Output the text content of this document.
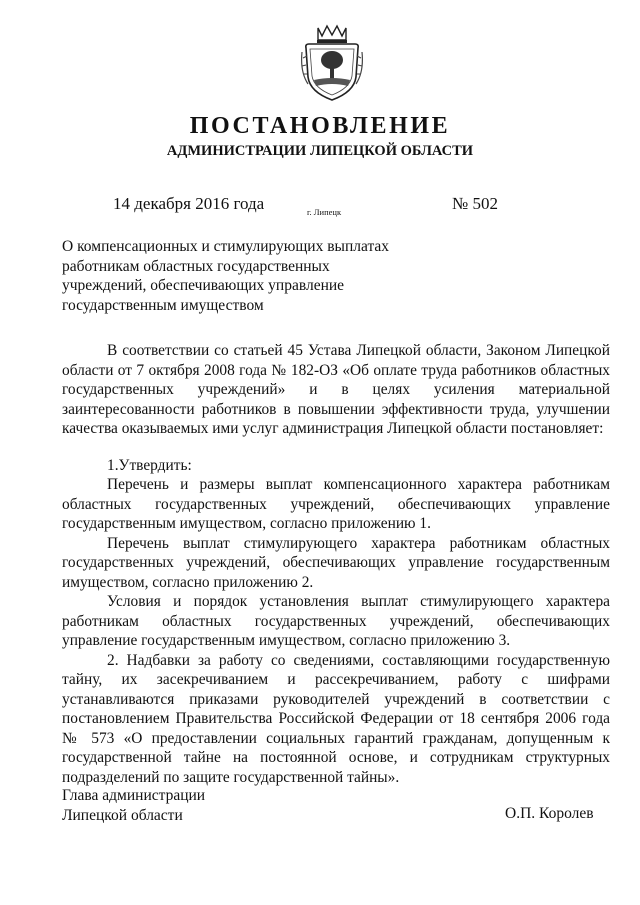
ПОСТАНОВЛЕНИЕ
АДМИНИСТРАЦИИ ЛИПЕЦКОЙ ОБЛАСТИ
14 декабря 2016 года	г. Липецк	№ 502
О компенсационных и стимулирующих выплатах работникам областных государственных учреждений, обеспечивающих управление государственным имуществом

В соответствии со статьей 45 Устава Липецкой области, Законом Липецкой области от 7 октября 2008 года № 182-ОЗ «Об оплате труда работников областных государственных учреждений» и в целях усиления материальной заинтересованности работников в повышении эффективности труда, улучшении качества оказываемых ими услуг администрация Липецкой области постановляет:

1.Утвердить:

Перечень и размеры выплат компенсационного характера работникам областных государственных учреждений, обеспечивающих управление государственным имуществом, согласно приложению 1.

Перечень выплат стимулирующего характера работникам областных государственных учреждений, обеспечивающих управление государственным имуществом, согласно приложению 2.

Условия и порядок установления выплат стимулирующего характера работникам областных государственных учреждений, обеспечивающих управление государственным имуществом, согласно приложению 3.

2. Надбавки за работу со сведениями, составляющими государственную тайну, их засекречиванием и рассекречиванием, работу с шифрами устанавливаются приказами руководителей учреждений в соответствии с постановлением Правительства Российской Федерации от 18 сентября 2006 года № 573 «О предоставлении социальных гарантий гражданам, допущенным к государственной тайне на постоянной основе, и сотрудникам структурных подразделений по защите государственной тайны».

Глава администрации
Липецкой области	О.П. Королев
